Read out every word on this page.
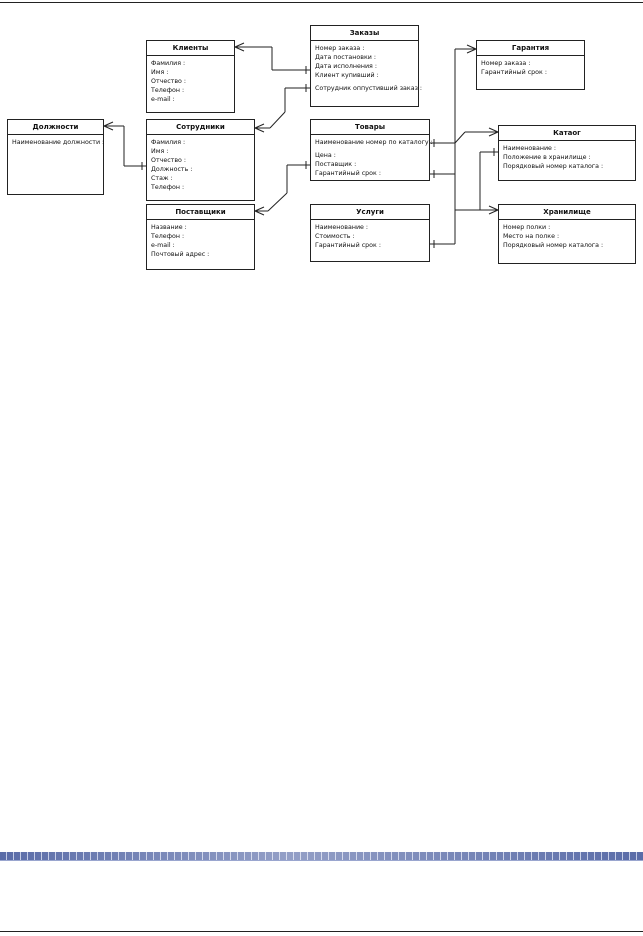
Клиенты
Фамилия :
Имя :
Отчество :
Телефон :
e-mail :
Заказы
Номер заказа :
Дата постановки :
Дата исполнения :
Клиент купивший :
Сотрудник оппустивший заказ :
Должности
Наименование должности :
Сотрудники
Фамилия :
Имя :
Отчество :
Должность :
Стаж :
Телефон :
Товары
Наименование номер по каталогу :
Цена :
Поставщик :
Гарантийный срок :
Поставщики
Название :
Телефон :
e-mail :
Почтовый адрес :
Услуги
Наименование :
Стоимость :
Гарантийный срок :
Гарантия
Номер заказа :
Гарантийный срок :
Катаог
Наименование :
Положение в хранилище :
Порядковый номер каталога :
Хранилище
Номер полки :
Место на полке :
Порядковый номер каталога :
